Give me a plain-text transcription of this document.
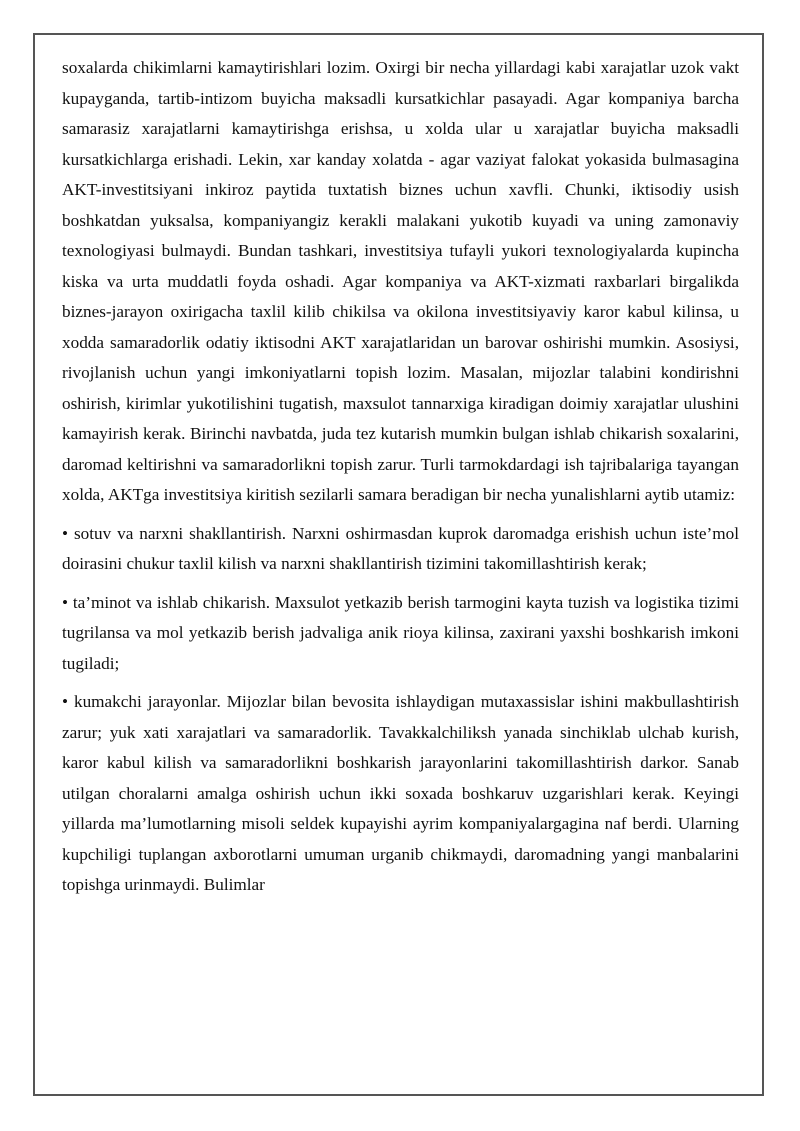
soxalarda chikimlarni kamaytirishlari lozim. Oxirgi bir necha yillardagi kabi xarajatlar uzok vakt kupayganda, tartib-intizom buyicha maksadli kursatkichlar pasayadi. Agar kompaniya barcha samarasiz xarajatlarni kamaytirishga erishsa, u xolda ular u xarajatlar buyicha maksadli kursatkichlarga erishadi. Lekin, xar kanday xolatda - agar vaziyat falokat yokasida bulmasagina AKT-investitsiyani inkiroz paytida tuxtatish biznes uchun xavfli. Chunki, iktisodiy usish boshkatdan yuksalsa, kompaniyangiz kerakli malakani yukotib kuyadi va uning zamonaviy texnologiyasi bulmaydi. Bundan tashkari, investitsiya tufayli yukori texnologiyalarda kupincha kiska va urta muddatli foyda oshadi. Agar kompaniya va AKT-xizmati raxbarlari birgalikda biznes-jarayon oxirigacha taxlil kilib chikilsa va okilona investitsiyaviy karor kabul kilinsa, u xodda samaradorlik odatiy iktisodni AKT xarajatlaridan un barovar oshirishi mumkin. Asosiysi, rivojlanish uchun yangi imkoniyatlarni topish lozim. Masalan, mijozlar talabini kondirishni oshirish, kirimlar yukotilishini tugatish, maxsulot tannarxiga kiradigan doimiy xarajatlar ulushini kamayirish kerak. Birinchi navbatda, juda tez kutarish mumkin bulgan ishlab chikarish soxalarini, daromad keltirishni va samaradorlikni topish zarur. Turli tarmokdardagi ish tajribalariga tayangan xolda, AKTga investitsiya kiritish sezilarli samara beradigan bir necha yunalishlarni aytib utamiz:

• sotuv va narxni shakllantirish. Narxni oshirmasdan kuprok daromadga erishish uchun iste’mol doirasini chukur taxlil kilish va narxni shakllantirish tizimini takomillashtirish kerak;

• ta’minot va ishlab chikarish. Maxsulot yetkazib berish tarmogini kayta tuzish va logistika tizimi tugrilansa va mol yetkazib berish jadvaliga anik rioya kilinsa, zaxirani yaxshi boshkarish imkoni tugiladi;

• kumakchi jarayonlar. Mijozlar bilan bevosita ishlaydigan mutaxassislar ishini makbullashtirish zarur; yuk xati xarajatlari va samaradorlik. Tavakkalchiliksh yanada sinchiklab ulchab kurish, karor kabul kilish va samaradorlikni boshkarish jarayonlarini takomillashtirish darkor. Sanab utilgan choralarni amalga oshirish uchun ikki soxada boshkaruv uzgarishlari kerak. Keyingi yillarda ma’lumotlarning misoli seldek kupayishi ayrim kompaniyalargagina naf berdi. Ularning kupchiligi tuplangan axborotlarni umuman urganib chikmaydi, daromadning yangi manbalarini topishga urinmaydi. Bulimlar
